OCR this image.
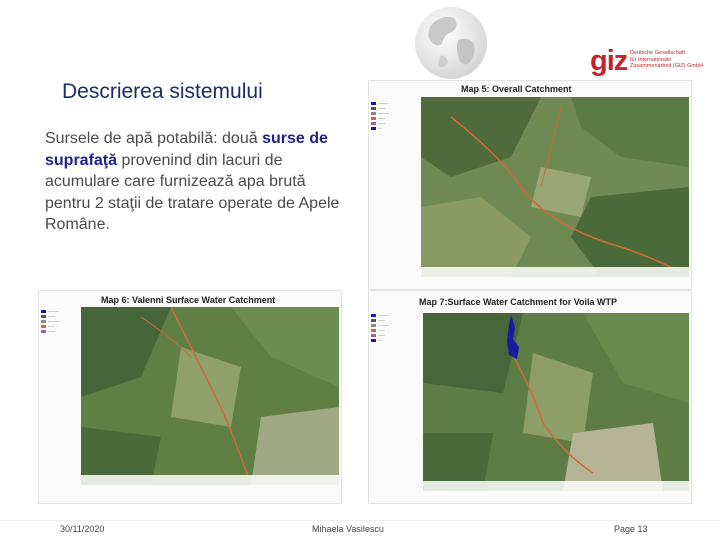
giz Deutsche Gesellschaft
für Internationale
Zusammenarbeit (GIZ) GmbH
Descrierea sistemului
Sursele de apă potabilă: două surse de suprafaţă provenind din lacuri de acumulare care furnizează apa brută pentru 2 staţii de tratare operate de Apele Române.
Map 5: Overall Catchment
———
——
———
——
——
—
Map 6: Valenni Surface Water Catchment
———
——
———
——
——
Map 7:Surface Water Catchment for Voila WTP
———
——
———
——
——
—
30/11/2020	Mihaela Vasilescu	Page 13
